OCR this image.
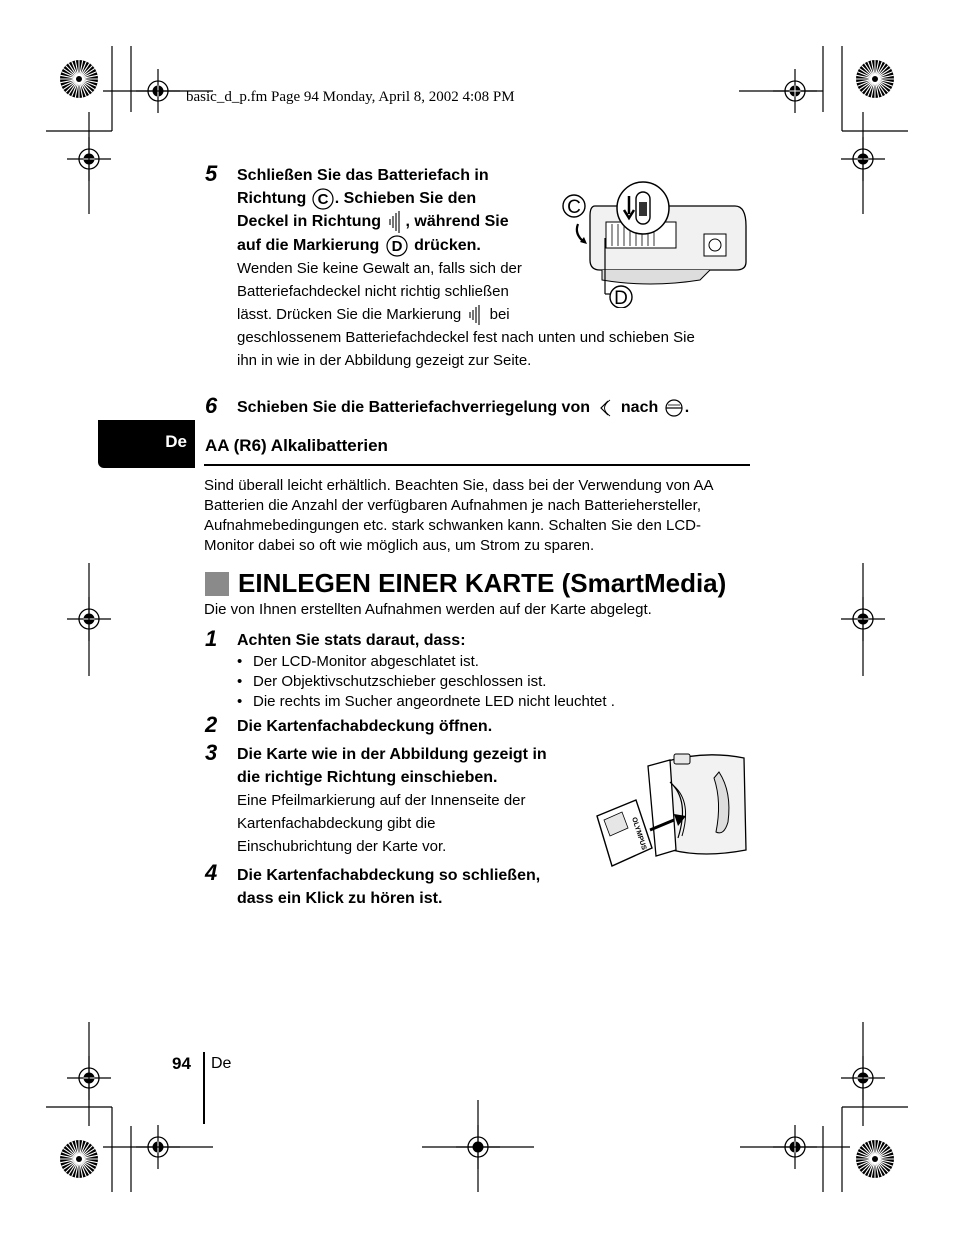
basic_d_p.fm Page 94 Monday, April 8, 2002 4:08 PM
De
5 Schließen Sie das Batteriefach in
Richtung C . Schieben Sie den
Deckel in Richtung , während Sie
auf die Markierung D drücken.
Wenden Sie keine Gewalt an, falls sich der
Batteriefachdeckel nicht richtig schließen
lässt. Drücken Sie die Markierung bei
geschlossenem Batteriefachdeckel fest nach unten und schieben Sie
ihn in wie in der Abbildung gezeigt zur Seite.
C
D
6 Schieben Sie die Batteriefachverriegelung von nach .
AA (R6) Alkalibatterien
Sind überall leicht erhältlich. Beachten Sie, dass bei der Verwendung von AA
Batterien die Anzahl der verfügbaren Aufnahmen je nach Batteriehersteller,
Aufnahmebedingungen etc. stark schwanken kann. Schalten Sie den LCD-
Monitor dabei so oft wie möglich aus, um Strom zu sparen.
EINLEGEN EINER KARTE (SmartMedia)
Die von Ihnen erstellten Aufnahmen werden auf der Karte abgelegt.
1 Achten Sie stats daraut, dass:
• Der LCD-Monitor abgeschlatet ist.
• Der Objektivschutzschieber geschlossen ist.
• Die rechts im Sucher angeordnete LED nicht leuchtet .
2 Die Kartenfachabdeckung öffnen.
3 Die Karte wie in der Abbildung gezeigt in
die richtige Richtung einschieben.
Eine Pfeilmarkierung auf der Innenseite der
Kartenfachabdeckung gibt die
Einschubrichtung der Karte vor.	OLYMPUS
4 Die Kartenfachabdeckung so schließen,
dass ein Klick zu hören ist.
94 De
